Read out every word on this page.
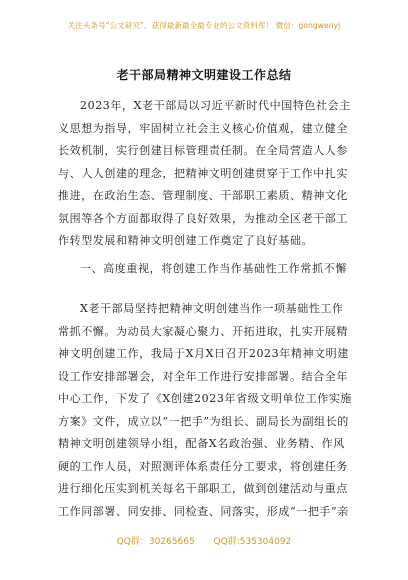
关注头条号“公文研究”，获得最新最全最专业的公文资料库！ 微信：gongwenyj
老干部局精神文明建设工作总结

2023年，X老干部局以习近平新时代中国特色社会主义思想为指导，牢固树立社会主义核心价值观，建立健全长效机制，实行创建目标管理责任制。在全局营造人人参与、人人创建的理念，把精神文明创建贯穿于工作中扎实推进，在政治生态、管理制度、干部职工素质、精神文化氛围等各个方面都取得了良好效果，为推动全区老干部工作转型发展和精神文明创建工作奠定了良好基础。

一、高度重视，将创建工作当作基础性工作常抓不懈

X老干部局坚持把精神文明创建当作一项基础性工作常抓不懈。为动员大家凝心聚力、开拓进取，扎实开展精神文明创建工作，我局于X月X日召开2023年精神文明建设工作安排部署会，对全年工作进行安排部署。结合全年中心工作，下发了《X创建2023年省级文明单位工作实施方案》文件，成立以“一把手”为组长、副局长为副组长的精神文明创建领导小组，配备X名政治强、业务精、作风硬的工作人员，对照测评体系责任分工要求，将创建任务进行细化压实到机关每名干部职工，做到创建活动与重点工作同部署、同安排、同检查、同落实，形成“一把手”亲

QQ群：30265665 QQ群:535304092
